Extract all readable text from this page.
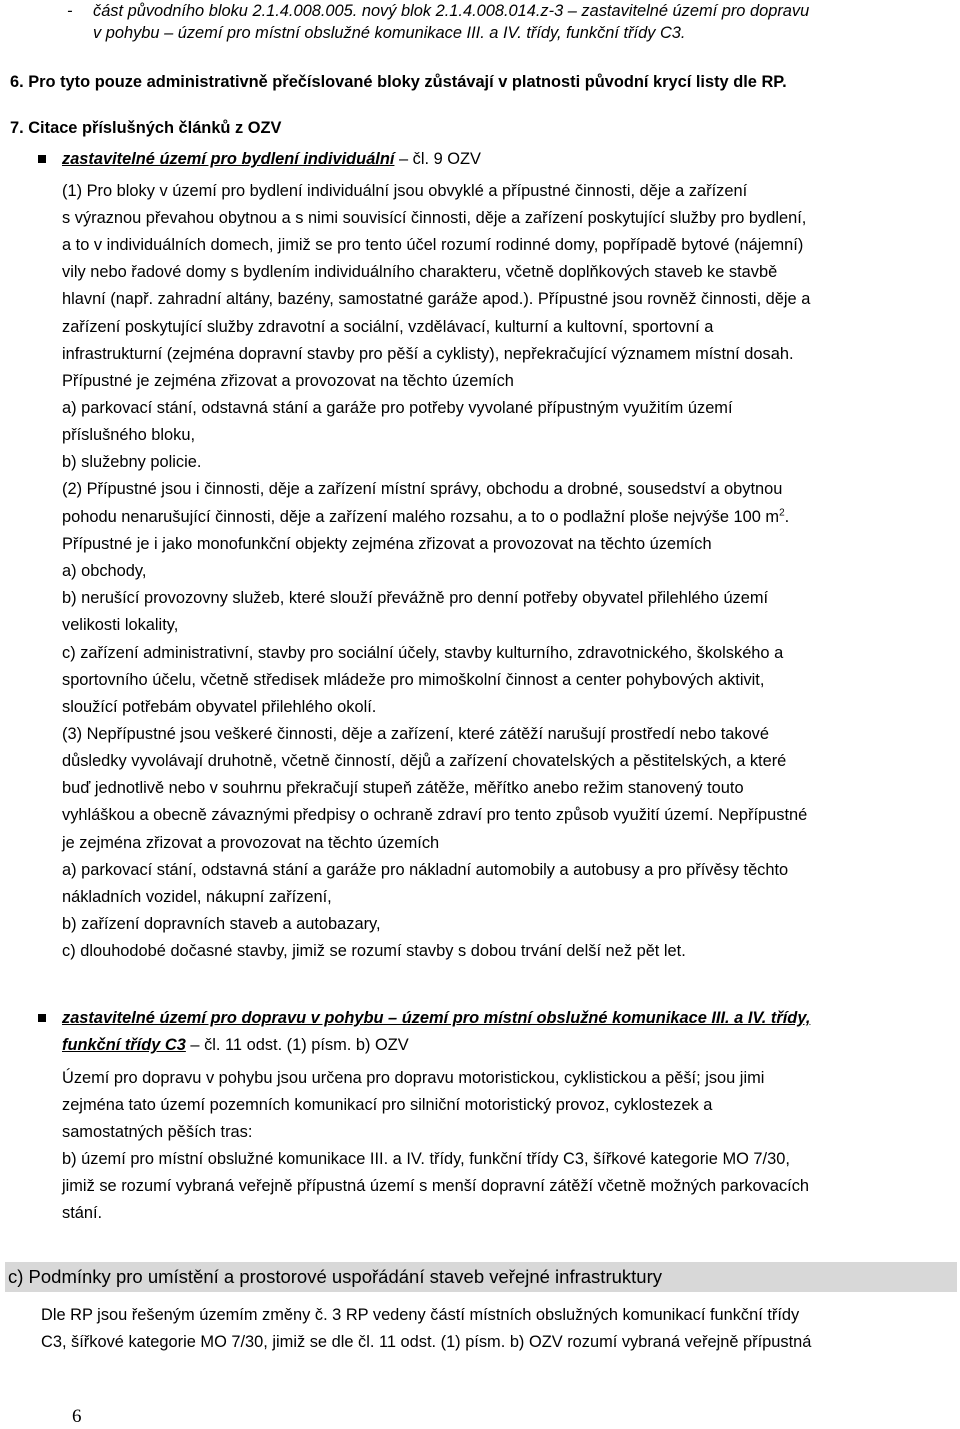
- část původního bloku 2.1.4.008.005. nový blok 2.1.4.008.014.z-3 – zastavitelné území pro dopravu
v pohybu – území pro místní obslužné komunikace III. a IV. třídy, funkční třídy C3.
6. Pro tyto pouze administrativně přečíslované bloky zůstávají v platnosti původní krycí listy dle RP.
7. Citace příslušných článků z OZV
zastavitelné území pro bydlení individuální – čl. 9 OZV
(1) Pro bloky v území pro bydlení individuální jsou obvyklé a přípustné činnosti, děje a zařízení
s výraznou převahou obytnou a s nimi souvisící činnosti, děje a zařízení poskytující služby pro bydlení,
a to v individuálních domech, jimiž se pro tento účel rozumí rodinné domy, popřípadě bytové (nájemní)
vily nebo řadové domy s bydlením individuálního charakteru, včetně doplňkových staveb ke stavbě
hlavní (např. zahradní altány, bazény, samostatné garáže apod.). Přípustné jsou rovněž činnosti, děje a
zařízení poskytující služby zdravotní a sociální, vzdělávací, kulturní a kultovní, sportovní a
infrastrukturní (zejména dopravní stavby pro pěší a cyklisty), nepřekračující významem místní dosah.
Přípustné je zejména zřizovat a provozovat na těchto územích
a) parkovací stání, odstavná stání a garáže pro potřeby vyvolané přípustným využitím území
příslušného bloku,
b) služebny policie.
(2) Přípustné jsou i činnosti, děje a zařízení místní správy, obchodu a drobné, sousedství a obytnou
pohodu nenarušující činnosti, děje a zařízení malého rozsahu, a to o podlažní ploše nejvýše 100 $m^2$.
Přípustné je i jako monofunkční objekty zejména zřizovat a provozovat na těchto územích
a) obchody,
b) nerušící provozovny služeb, které slouží převážně pro denní potřeby obyvatel přilehlého území
velikosti lokality,
c) zařízení administrativní, stavby pro sociální účely, stavby kulturního, zdravotnického, školského a
sportovního účelu, včetně středisek mládeže pro mimoškolní činnost a center pohybových aktivit,
sloužící potřebám obyvatel přilehlého okolí.
(3) Nepřípustné jsou veškeré činnosti, děje a zařízení, které zátěží narušují prostředí nebo takové
důsledky vyvolávají druhotně, včetně činností, dějů a zařízení chovatelských a pěstitelských, a které
buď jednotlivě nebo v souhrnu překračují stupeň zátěže, měřítko anebo režim stanovený touto
vyhláškou a obecně závaznými předpisy o ochraně zdraví pro tento způsob využití území. Nepřípustné
je zejména zřizovat a provozovat na těchto územích
a) parkovací stání, odstavná stání a garáže pro nákladní automobily a autobusy a pro přívěsy těchto
nákladních vozidel, nákupní zařízení,
b) zařízení dopravních staveb a autobazary,
c) dlouhodobé dočasné stavby, jimiž se rozumí stavby s dobou trvání delší než pět let.
zastavitelné území pro dopravu v pohybu – území pro místní obslužné komunikace III. a IV. třídy,
funkční třídy C3 – čl. 11 odst. (1) písm. b) OZV
Území pro dopravu v pohybu jsou určena pro dopravu motoristickou, cyklistickou a pěší; jsou jimi
zejména tato území pozemních komunikací pro silniční motoristický provoz, cyklostezek a
samostatných pěších tras:
b) území pro místní obslužné komunikace III. a IV. třídy, funkční třídy C3, šířkové kategorie MO 7/30,
jimiž se rozumí vybraná veřejně přípustná území s menší dopravní zátěží včetně možných parkovacích
stání.
c) Podmínky pro umístění a prostorové uspořádání staveb veřejné infrastruktury
Dle RP jsou řešeným územím změny č. 3 RP vedeny částí místních obslužných komunikací funkční třídy
C3, šířkové kategorie MO 7/30, jimiž se dle čl. 11 odst. (1) písm. b) OZV rozumí vybraná veřejně přípustná
6
